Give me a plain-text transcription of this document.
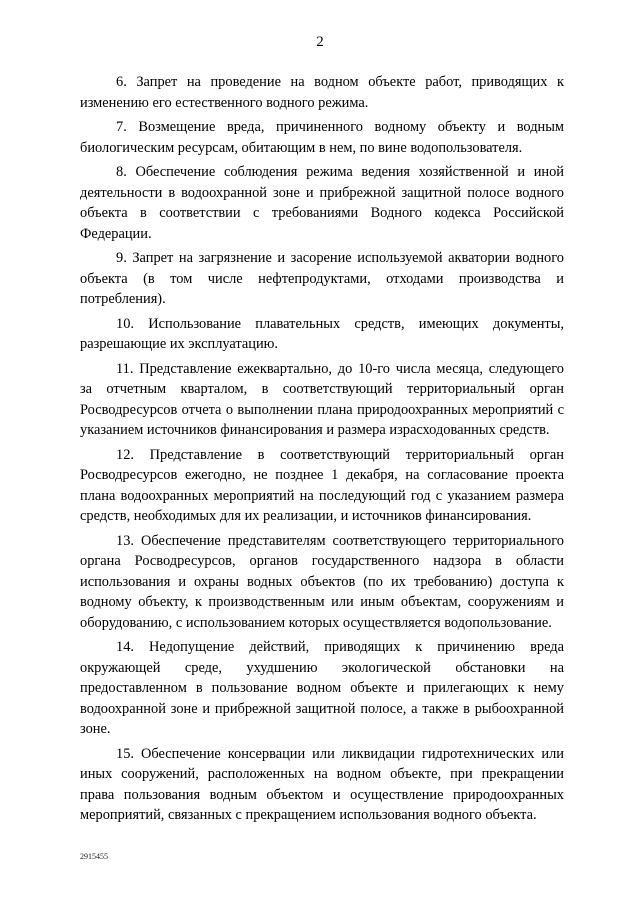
2

6. Запрет на проведение на водном объекте работ, приводящих к изменению его естественного водного режима.

7. Возмещение вреда, причиненного водному объекту и водным биологическим ресурсам, обитающим в нем, по вине водопользователя.

8. Обеспечение соблюдения режима ведения хозяйственной и иной деятельности в водоохранной зоне и прибрежной защитной полосе водного объекта в соответствии с требованиями Водного кодекса Российской Федерации.

9. Запрет на загрязнение и засорение используемой акватории водного объекта (в том числе нефтепродуктами, отходами производства и потребления).

10. Использование плавательных средств, имеющих документы, разрешающие их эксплуатацию.

11. Представление ежеквартально, до 10-го числа месяца, следующего за отчетным кварталом, в соответствующий территориальный орган Росводресурсов отчета о выполнении плана природоохранных мероприятий с указанием источников финансирования и размера израсходованных средств.

12. Представление в соответствующий территориальный орган Росводресурсов ежегодно, не позднее 1 декабря, на согласование проекта плана водоохранных мероприятий на последующий год с указанием размера средств, необходимых для их реализации, и источников финансирования.

13. Обеспечение представителям соответствующего территориального органа Росводресурсов, органов государственного надзора в области использования и охраны водных объектов (по их требованию) доступа к водному объекту, к производственным или иным объектам, сооружениям и оборудованию, с использованием которых осуществляется водопользование.

14. Недопущение действий, приводящих к причинению вреда окружающей среде, ухудшению экологической обстановки на предоставленном в пользование водном объекте и прилегающих к нему водоохранной зоне и прибрежной защитной полосе, а также в рыбоохранной зоне.

15. Обеспечение консервации или ликвидации гидротехнических или иных сооружений, расположенных на водном объекте, при прекращении права пользования водным объектом и осуществление природоохранных мероприятий, связанных с прекращением использования водного объекта.

2915455
